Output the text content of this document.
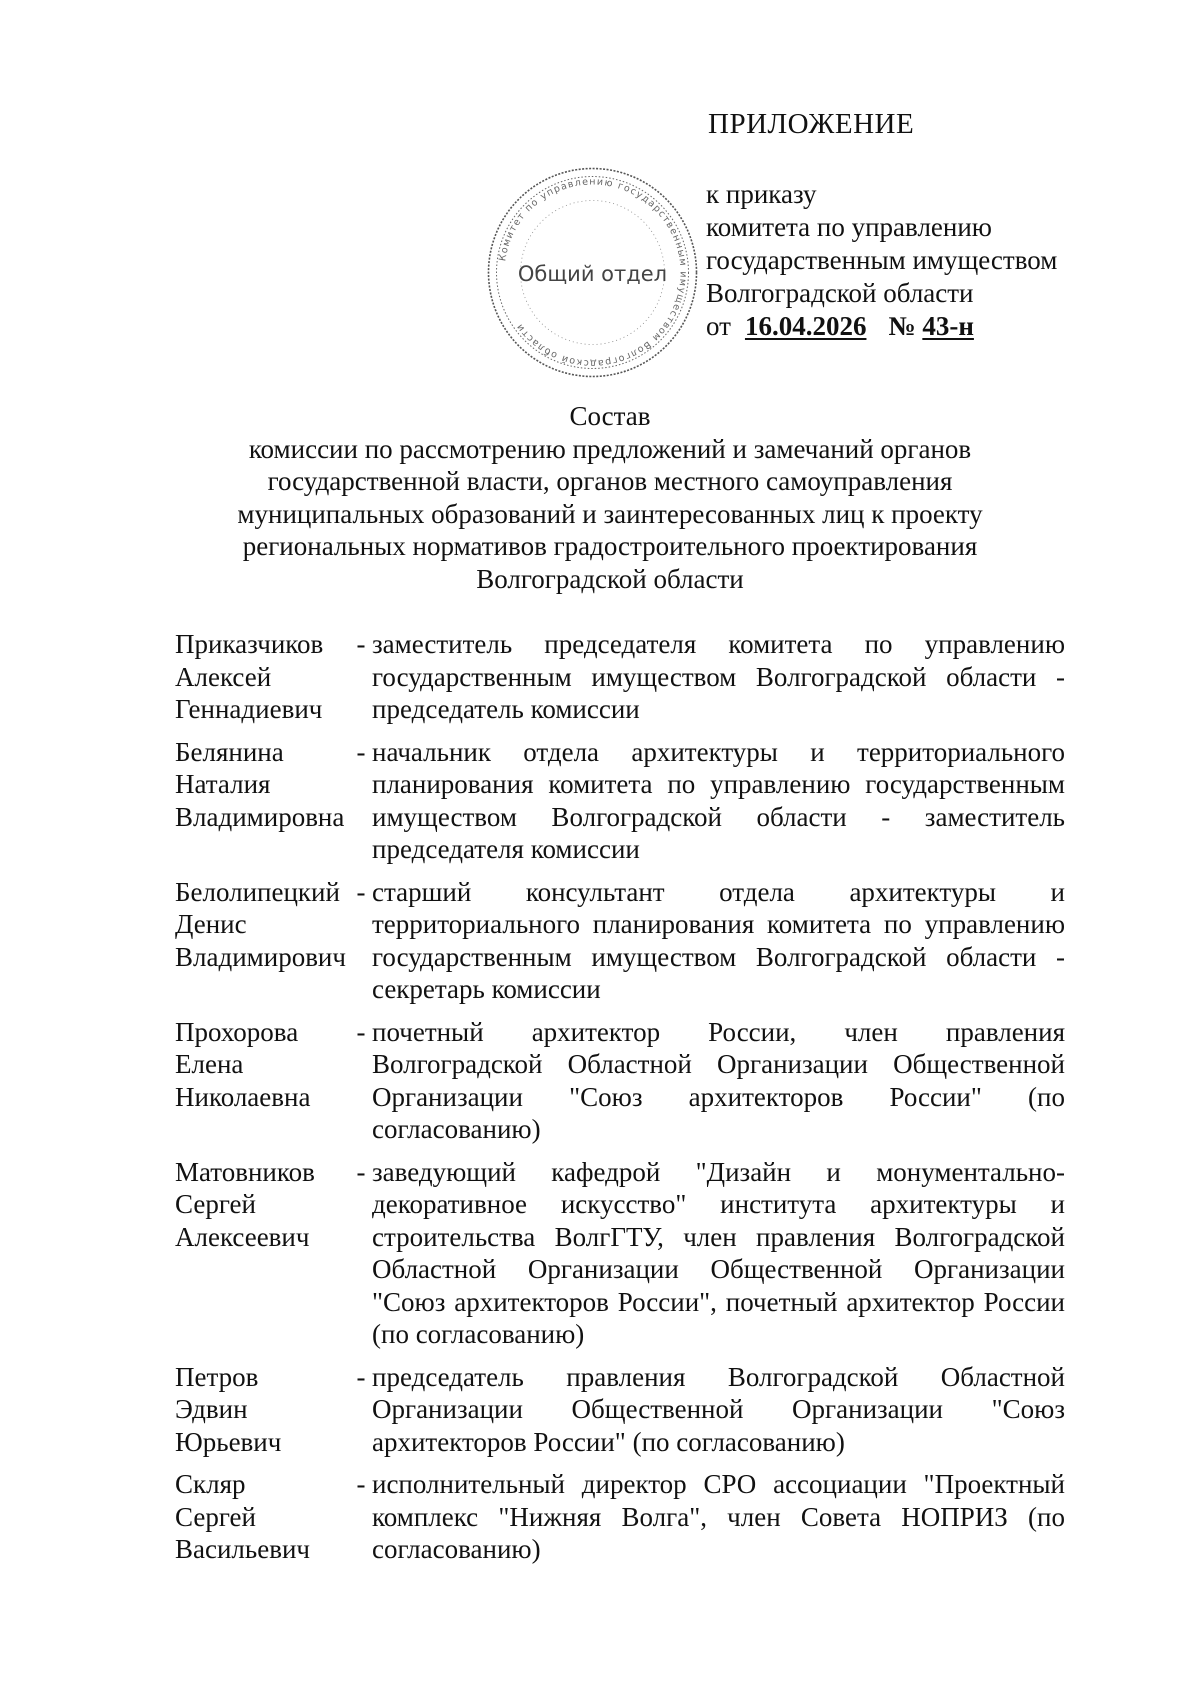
ПРИЛОЖЕНИЕ
Комитет по управлению государственным имуществом Волгоградской области
Общий отдел
к приказу
комитета по управлению
государственным имуществом
Волгоградской области
от 16.04.2026 № 43-н
Состав
комиссии по рассмотрению предложений и замечаний органов
государственной власти, органов местного самоуправления
муниципальных образований и заинтересованных лиц к проекту
региональных нормативов градостроительного проектирования
Волгоградской области
Приказчиков
Алексей
Геннадиевич
- заместитель председателя комитета по управлению государственным имуществом Волгоградской области - председатель комиссии
Белянина
Наталия
Владимировна
- начальник отдела архитектуры и территориального планирования комитета по управлению государственным имуществом Волгоградской области - заместитель председателя комиссии
Белолипецкий
Денис
Владимирович
- старший консультант отдела архитектуры и территориального планирования комитета по управлению государственным имуществом Волгоградской области - секретарь комиссии
Прохорова
Елена
Николаевна
- почетный архитектор России, член правления Волгоградской Областной Организации Общественной Организации "Союз архитекторов России" (по согласованию)
Матовников
Сергей
Алексеевич
- заведующий кафедрой "Дизайн и монументально-декоративное искусство" института архитектуры и строительства ВолгГТУ, член правления Волгоградской Областной Организации Общественной Организации "Союз архитекторов России", почетный архитектор России (по согласованию)
Петров
Эдвин
Юрьевич
- председатель правления Волгоградской Областной Организации Общественной Организации "Союз архитекторов России" (по согласованию)
Скляр
Сергей
Васильевич
- исполнительный директор СРО ассоциации "Проектный комплекс "Нижняя Волга", член Совета НОПРИЗ (по согласованию)
